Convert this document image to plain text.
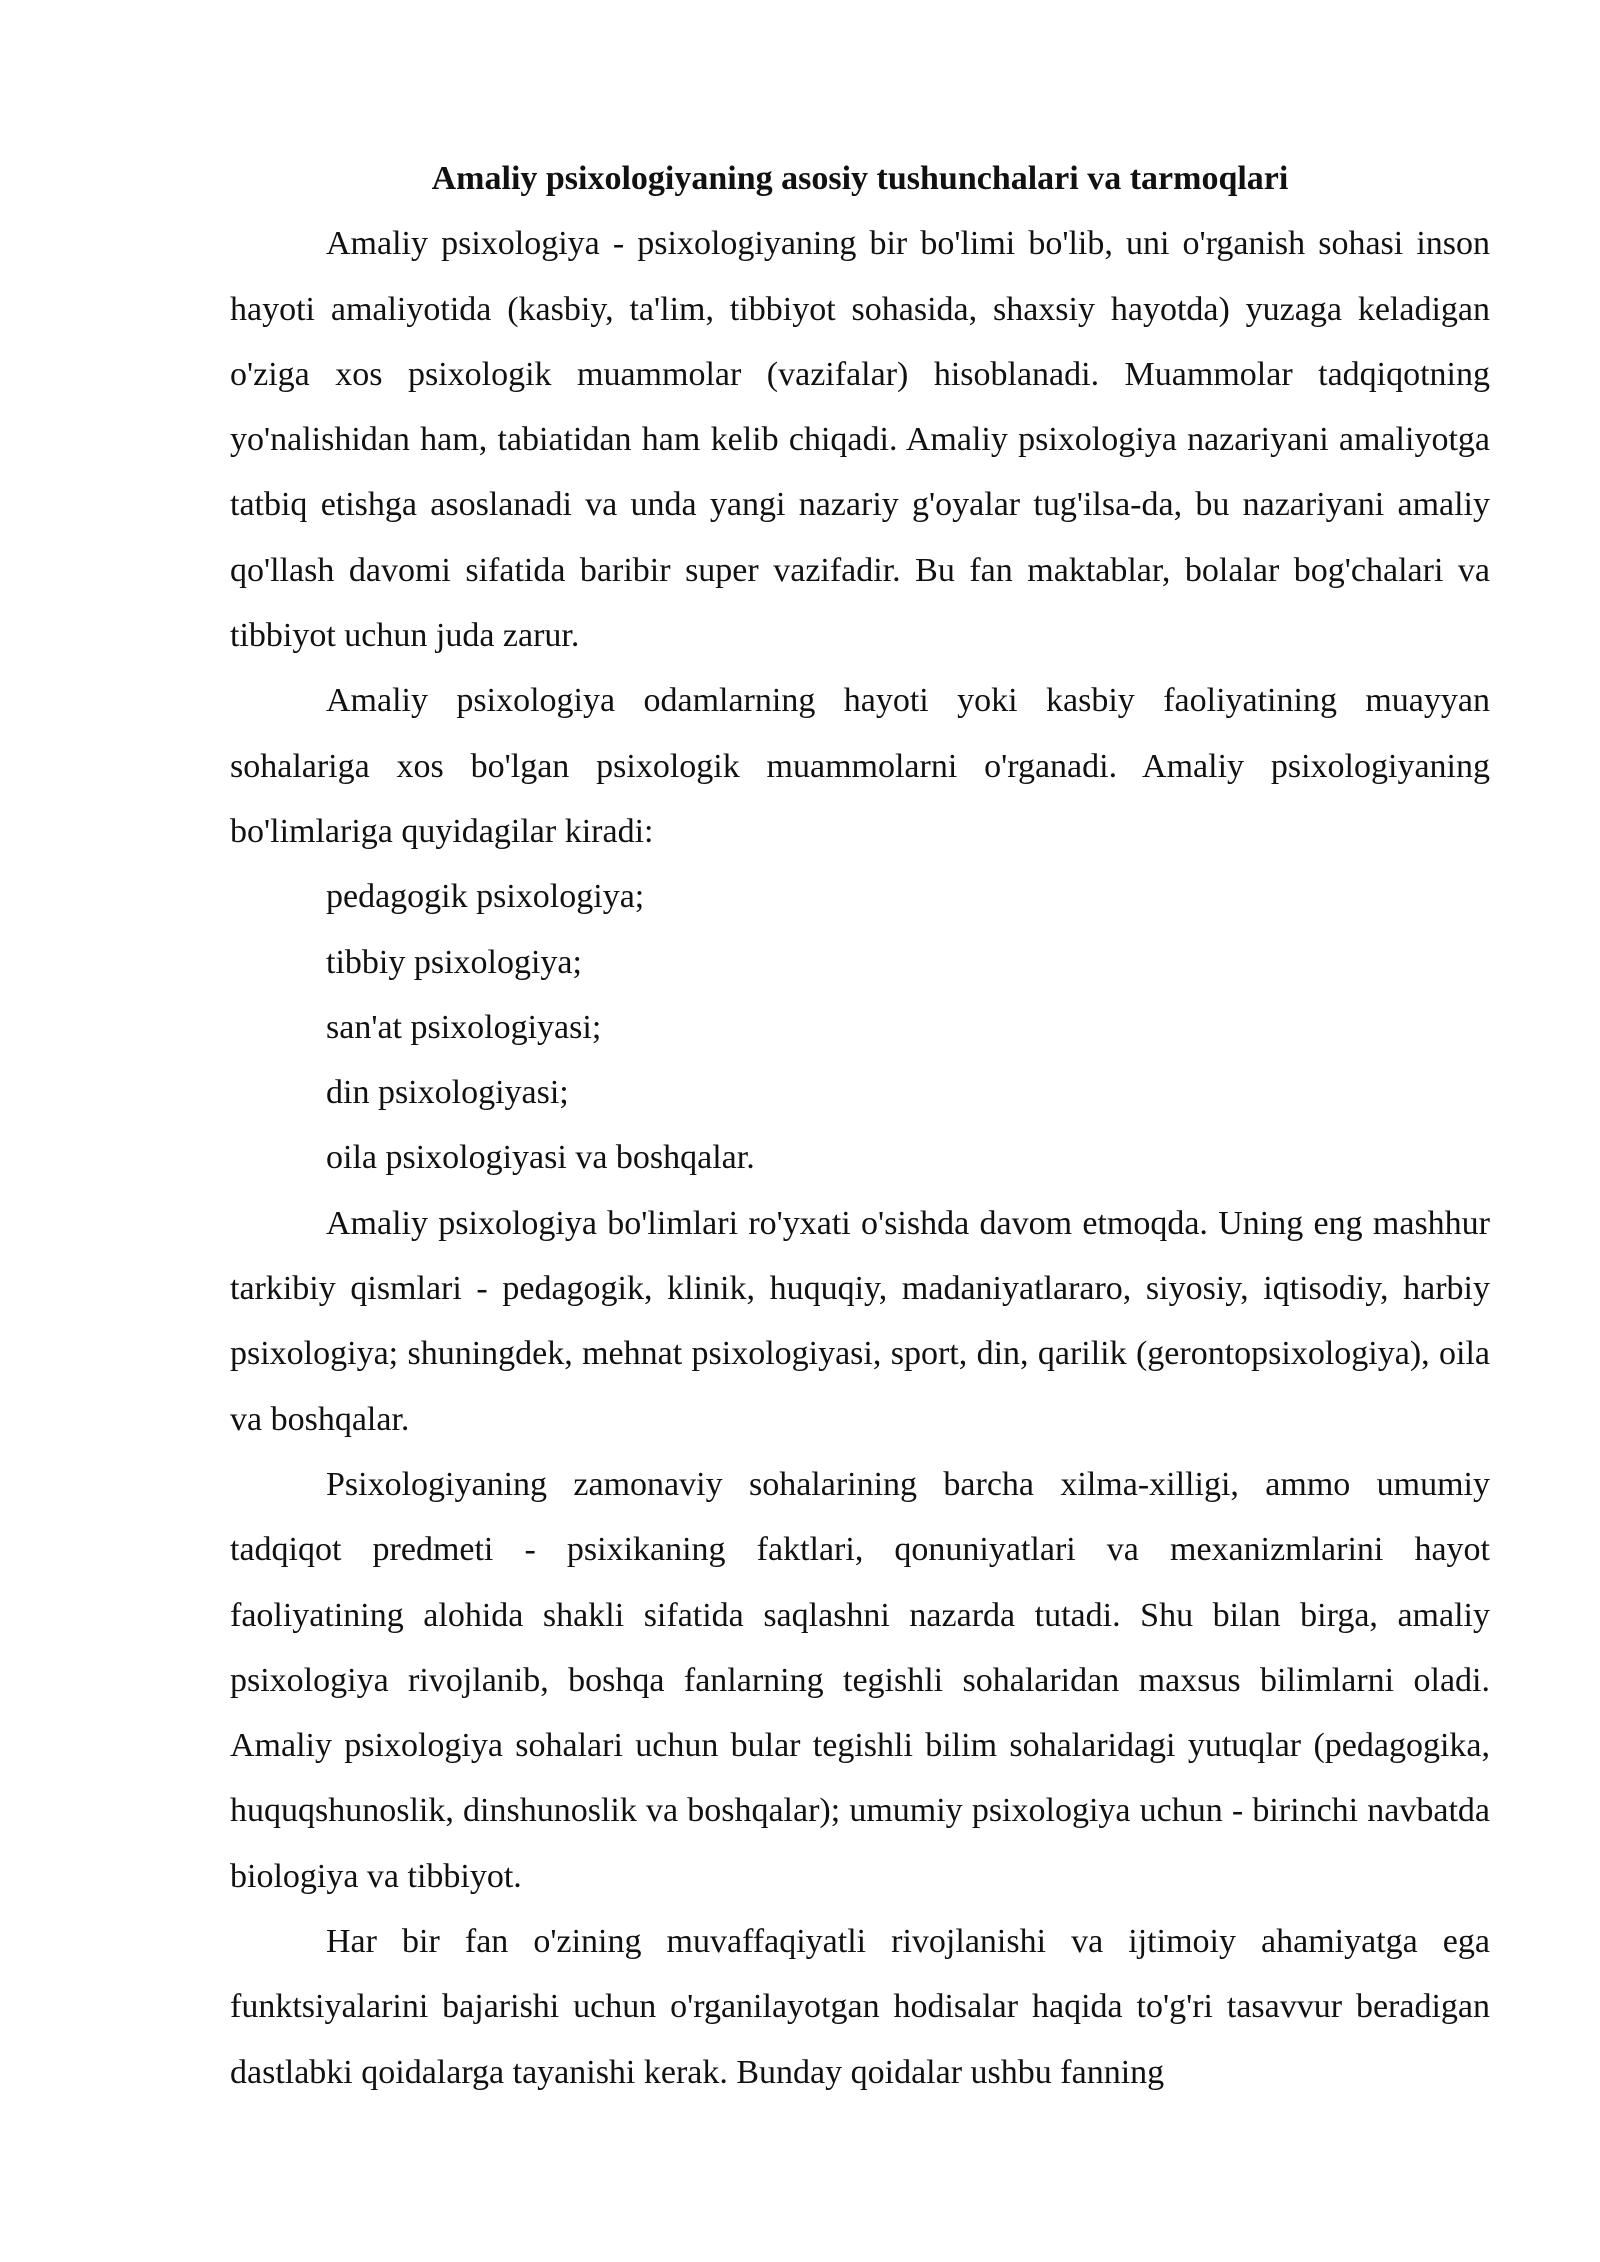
Amaliy psixologiyaning asosiy tushunchalari va tarmoqlari

Amaliy psixologiya - psixologiyaning bir bo'limi bo'lib, uni o'rganish sohasi inson hayoti amaliyotida (kasbiy, ta'lim, tibbiyot sohasida, shaxsiy hayotda) yuzaga keladigan o'ziga xos psixologik muammolar (vazifalar) hisoblanadi. Muammolar tadqiqotning yo'nalishidan ham, tabiatidan ham kelib chiqadi. Amaliy psixologiya nazariyani amaliyotga tatbiq etishga asoslanadi va unda yangi nazariy g'oyalar tug'ilsa-da, bu nazariyani amaliy qo'llash davomi sifatida baribir super vazifadir. Bu fan maktablar, bolalar bog'chalari va tibbiyot uchun juda zarur.

Amaliy psixologiya odamlarning hayoti yoki kasbiy faoliyatining muayyan sohalariga xos bo'lgan psixologik muammolarni o'rganadi. Amaliy psixologiyaning bo'limlariga quyidagilar kiradi:

pedagogik psixologiya;
tibbiy psixologiya;
san'at psixologiyasi;
din psixologiyasi;
oila psixologiyasi va boshqalar.

Amaliy psixologiya bo'limlari ro'yxati o'sishda davom etmoqda. Uning eng mashhur tarkibiy qismlari - pedagogik, klinik, huquqiy, madaniyatlararo, siyosiy, iqtisodiy, harbiy psixologiya; shuningdek, mehnat psixologiyasi, sport, din, qarilik (gerontopsixologiya), oila va boshqalar.

Psixologiyaning zamonaviy sohalarining barcha xilma-xilligi, ammo umumiy tadqiqot predmeti - psixikaning faktlari, qonuniyatlari va mexanizmlarini hayot faoliyatining alohida shakli sifatida saqlashni nazarda tutadi. Shu bilan birga, amaliy psixologiya rivojlanib, boshqa fanlarning tegishli sohalaridan maxsus bilimlarni oladi. Amaliy psixologiya sohalari uchun bular tegishli bilim sohalaridagi yutuqlar (pedagogika, huquqshunoslik, dinshunoslik va boshqalar); umumiy psixologiya uchun - birinchi navbatda biologiya va tibbiyot.

Har bir fan o'zining muvaffaqiyatli rivojlanishi va ijtimoiy ahamiyatga ega funktsiyalarini bajarishi uchun o'rganilayotgan hodisalar haqida to'g'ri tasavvur beradigan dastlabki qoidalarga tayanishi kerak. Bunday qoidalar ushbu fanning
